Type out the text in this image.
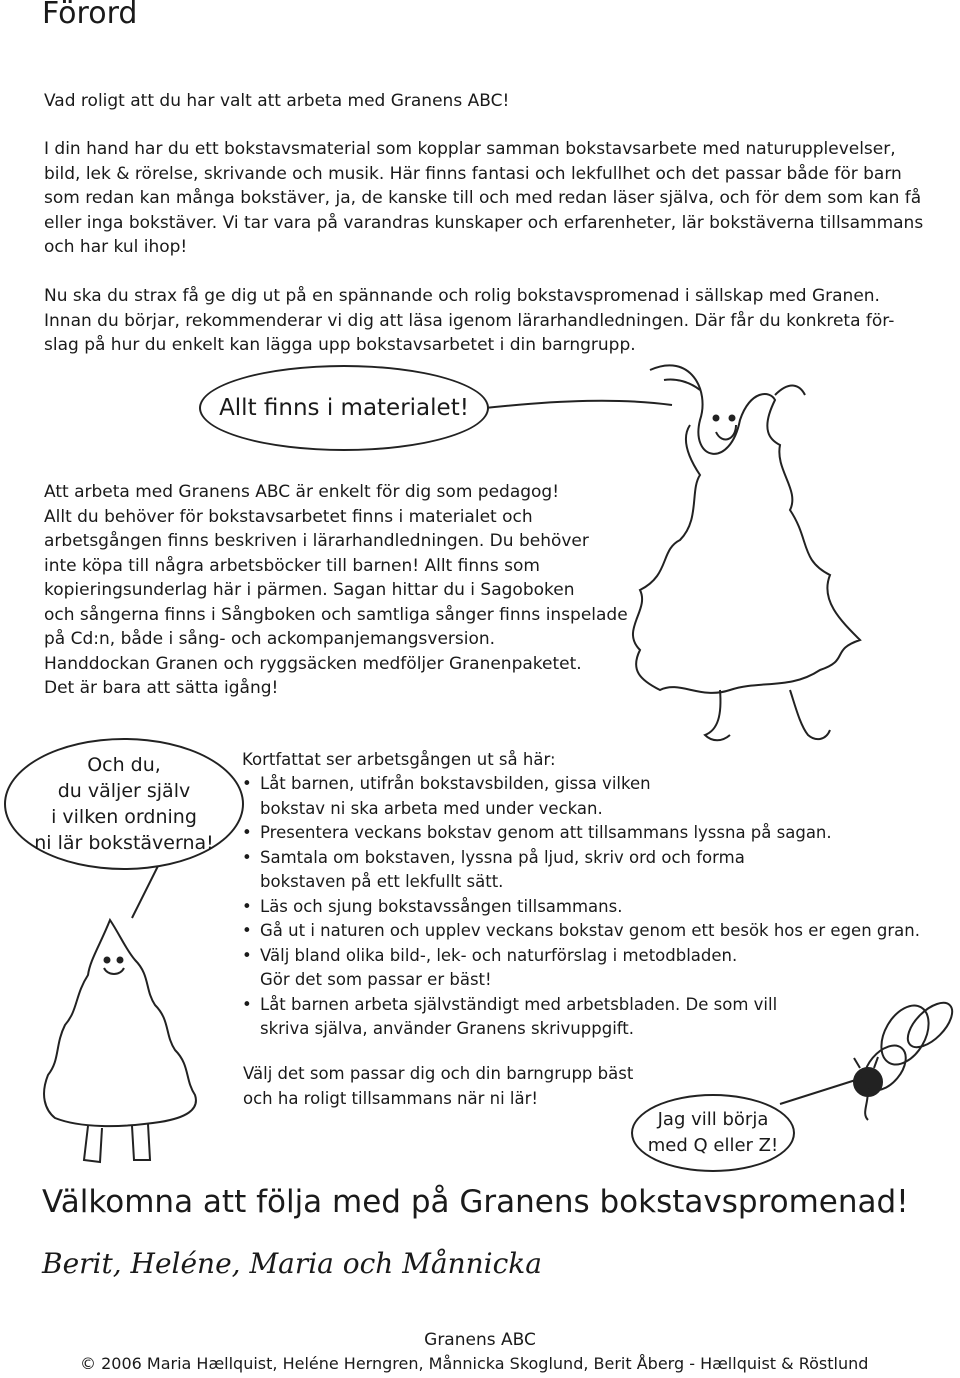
Förord
Vad roligt att du har valt att arbeta med Granens ABC!
I din hand har du ett bokstavsmaterial som kopplar samman bokstavsarbete med naturupplevelser,
bild, lek & rörelse, skrivande och musik. Här finns fantasi och lekfullhet och det passar både för barn
som redan kan många bokstäver, ja, de kanske till och med redan läser själva, och för dem som kan få
eller inga bokstäver. Vi tar vara på varandras kunskaper och erfarenheter, lär bokstäverna tillsammans
och har kul ihop!
Nu ska du strax få ge dig ut på en spännande och rolig bokstavspromenad i sällskap med Granen.
Innan du börjar, rekommenderar vi dig att läsa igenom lärarhandledningen. Där får du konkreta för-
slag på hur du enkelt kan lägga upp bokstavsarbetet i din barngrupp.
Att arbeta med Granens ABC är enkelt för dig som pedagog!
Allt du behöver för bokstavsarbetet finns i materialet och
arbetsgången finns beskriven i lärarhandledningen. Du behöver
inte köpa till några arbetsböcker till barnen! Allt finns som
kopieringsunderlag här i pärmen. Sagan hittar du i Sagoboken
och sångerna finns i Sångboken och samtliga sånger finns inspelade
på Cd:n, både i sång- och ackompanjemangsversion.
Handdockan Granen och ryggsäcken medföljer Granenpaketet.
Det är bara att sätta igång!
Allt finns i materialet!
Och du,
du väljer själv
i vilken ordning
ni lär bokstäverna!
Jag vill börja
med Q eller Z!
Kortfattat ser arbetsgången ut så här:
• Låt barnen, utifrån bokstavsbilden, gissa vilken
bokstav ni ska arbeta med under veckan.
• Presentera veckans bokstav genom att tillsammans lyssna på sagan.
• Samtala om bokstaven, lyssna på ljud, skriv ord och forma
bokstaven på ett lekfullt sätt.
• Läs och sjung bokstavssången tillsammans.
• Gå ut i naturen och upplev veckans bokstav genom ett besök hos er egen gran.
• Välj bland olika bild-, lek- och naturförslag i metodbladen.
Gör det som passar er bäst!
• Låt barnen arbeta självständigt med arbetsbladen. De som vill
skriva själva, använder Granens skrivuppgift.
Välj det som passar dig och din barngrupp bäst
och ha roligt tillsammans när ni lär!
Välkomna att följa med på Granens bokstavspromenad!
Berit, Heléne, Maria och Månnicka
Granens ABC
© 2006 Maria Hællquist, Heléne Herngren, Månnicka Skoglund, Berit Åberg - Hællquist & Röstlund
